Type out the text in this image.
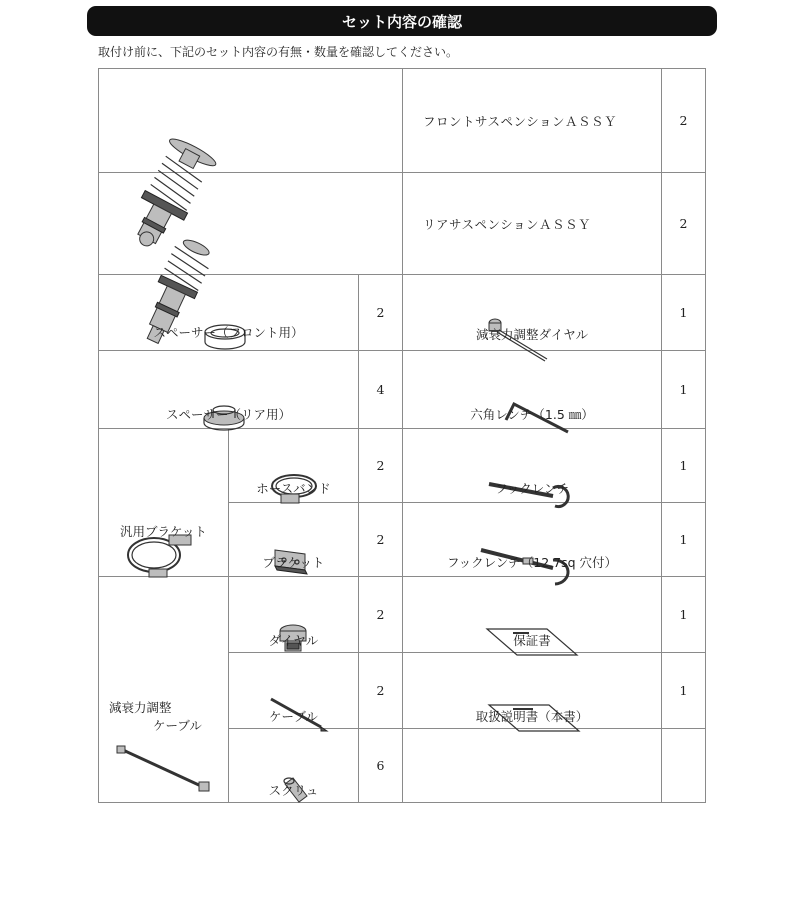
セット内容の確認
取付け前に、下記のセット内容の有無・数量を確認してください。
	フロントサスペンションＡＳＳＹ	2

	リアサスペンションＡＳＳＹ	2

スペーサー（フロント用）		2	減衰力調整ダイヤル	1

スペーサー（リア用）		4	六角レンチ（1.5 ㎜）	1

汎用ブラケット	ホースバンド	2	フックレンチ	1

	ブラケット	2	フックレンチ（12.7sq 穴付）	1

減衰力調整
ケーブル	ダイヤル	2	保証書	1

	ケーブル	2	取扱説明書（本書）	1

	スクリュ	6		
